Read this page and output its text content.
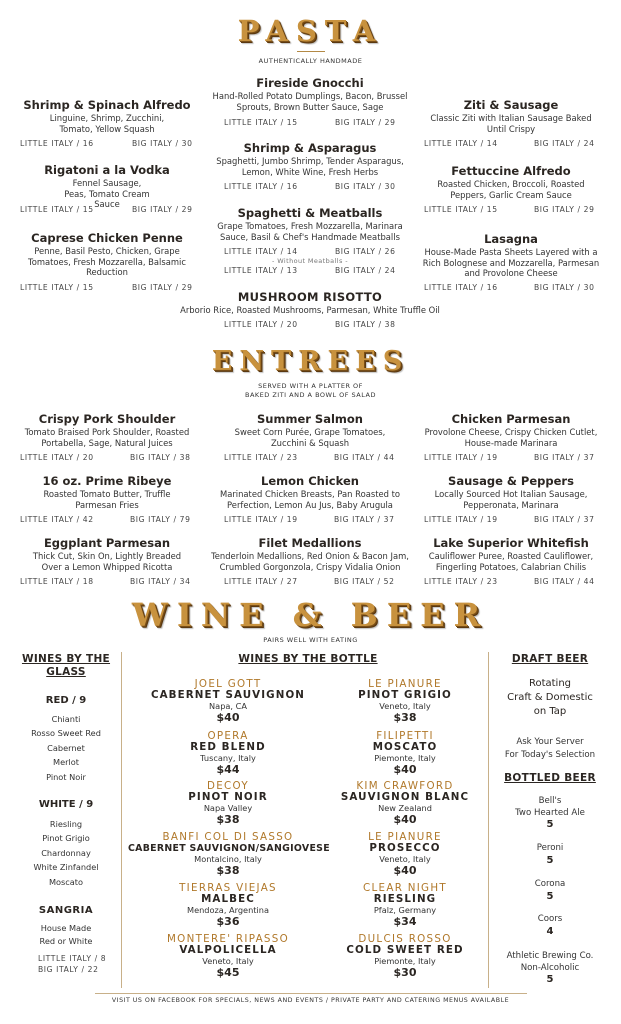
PASTA
AUTHENTICALLY HANDMADE
Shrimp & Spinach Alfredo
Linguine, Shrimp, Zucchini, Tomato, Yellow Squash
LITTLE ITALY / 16	BIG ITALY / 30
Rigatoni a la Vodka
Fennel Sausage, Peas, Tomato Cream Sauce
LITTLE ITALY / 15	BIG ITALY / 29
Caprese Chicken Penne
Penne, Basil Pesto, Chicken, Grape Tomatoes, Fresh Mozzarella, Balsamic Reduction
LITTLE ITALY / 15	BIG ITALY / 29
Fireside Gnocchi
Hand-Rolled Potato Dumplings, Bacon, Brussel Sprouts, Brown Butter Sauce, Sage
LITTLE ITALY / 15	BIG ITALY / 29
Shrimp & Asparagus
Spaghetti, Jumbo Shrimp, Tender Asparagus, Lemon, White Wine, Fresh Herbs
LITTLE ITALY / 16	BIG ITALY / 30
Spaghetti & Meatballs
Grape Tomatoes, Fresh Mozzarella, Marinara Sauce, Basil & Chef's Handmade Meatballs
LITTLE ITALY / 14	BIG ITALY / 26
- Without Meatballs -
LITTLE ITALY / 13	BIG ITALY / 24
Ziti & Sausage
Classic Ziti with Italian Sausage Baked Until Crispy
LITTLE ITALY / 14	BIG ITALY / 24
Fettuccine Alfredo
Roasted Chicken, Broccoli, Roasted Peppers, Garlic Cream Sauce
LITTLE ITALY / 15	BIG ITALY / 29
Lasagna
House-Made Pasta Sheets Layered with a Rich Bolognese and Mozzarella, Parmesan and Provolone Cheese
LITTLE ITALY / 16	BIG ITALY / 30
MUSHROOM RISOTTO
Arborio Rice, Roasted Mushrooms, Parmesan, White Truffle Oil
LITTLE ITALY / 20	BIG ITALY / 38
ENTREES
SERVED WITH A PLATTER OF
BAKED ZITI AND A BOWL OF SALAD
Crispy Pork Shoulder
Tomato Braised Pork Shoulder, Roasted Portabella, Sage, Natural Juices
LITTLE ITALY / 20	BIG ITALY / 38
16 oz. Prime Ribeye
Roasted Tomato Butter, Truffle Parmesan Fries
LITTLE ITALY / 42	BIG ITALY / 79
Eggplant Parmesan
Thick Cut, Skin On, Lightly Breaded Over a Lemon Whipped Ricotta
LITTLE ITALY / 18	BIG ITALY / 34
Summer Salmon
Sweet Corn Purée, Grape Tomatoes, Zucchini & Squash
LITTLE ITALY / 23	BIG ITALY / 44
Lemon Chicken
Marinated Chicken Breasts, Pan Roasted to Perfection, Lemon Au Jus, Baby Arugula
LITTLE ITALY / 19	BIG ITALY / 37
Filet Medallions
Tenderloin Medallions, Red Onion & Bacon Jam, Crumbled Gorgonzola, Crispy Vidalia Onion
LITTLE ITALY / 27	BIG ITALY / 52
Chicken Parmesan
Provolone Cheese, Crispy Chicken Cutlet, House-made Marinara
LITTLE ITALY / 19	BIG ITALY / 37
Sausage & Peppers
Locally Sourced Hot Italian Sausage, Pepperonata, Marinara
LITTLE ITALY / 19	BIG ITALY / 37
Lake Superior Whitefish
Cauliflower Puree, Roasted Cauliflower, Fingerling Potatoes, Calabrian Chilis
LITTLE ITALY / 23	BIG ITALY / 44
WINE & BEER
PAIRS WELL WITH EATING
WINES BY THE GLASS
RED / 9
Chianti
Rosso Sweet Red
Cabernet
Merlot
Pinot Noir
WHITE / 9
Riesling
Pinot Grigio
Chardonnay
White Zinfandel
Moscato
SANGRIA
House Made
Red or White
LITTLE ITALY / 8
BIG ITALY / 22
WINES BY THE BOTTLE
JOEL GOTT
CABERNET SAUVIGNON
Napa, CA
$40
OPERA
RED BLEND
Tuscany, Italy
$44
DECOY
PINOT NOIR
Napa Valley
$38
BANFI COL DI SASSO
CABERNET SAUVIGNON/SANGIOVESE
Montalcino, Italy
$38
TIERRAS VIEJAS
MALBEC
Mendoza, Argentina
$36
MONTERE' RIPASSO
VALPOLICELLA
Veneto, Italy
$45
LE PIANURE
PINOT GRIGIO
Veneto, Italy
$38
FILIPETTI
MOSCATO
Piemonte, Italy
$40
KIM CRAWFORD
SAUVIGNON BLANC
New Zealand
$40
LE PIANURE
PROSECCO
Veneto, Italy
$40
CLEAR NIGHT
RIESLING
Pfalz, Germany
$34
DULCIS ROSSO
COLD SWEET RED
Piemonte, Italy
$30
DRAFT BEER
Rotating
Craft & Domestic
on Tap
Ask Your Server
For Today's Selection
BOTTLED BEER
Bell's
Two Hearted Ale
5
Peroni
5
Corona
5
Coors
4
Athletic Brewing Co.
Non-Alcoholic
5
VISIT US ON FACEBOOK FOR SPECIALS, NEWS AND EVENTS / PRIVATE PARTY AND CATERING MENUS AVAILABLE
